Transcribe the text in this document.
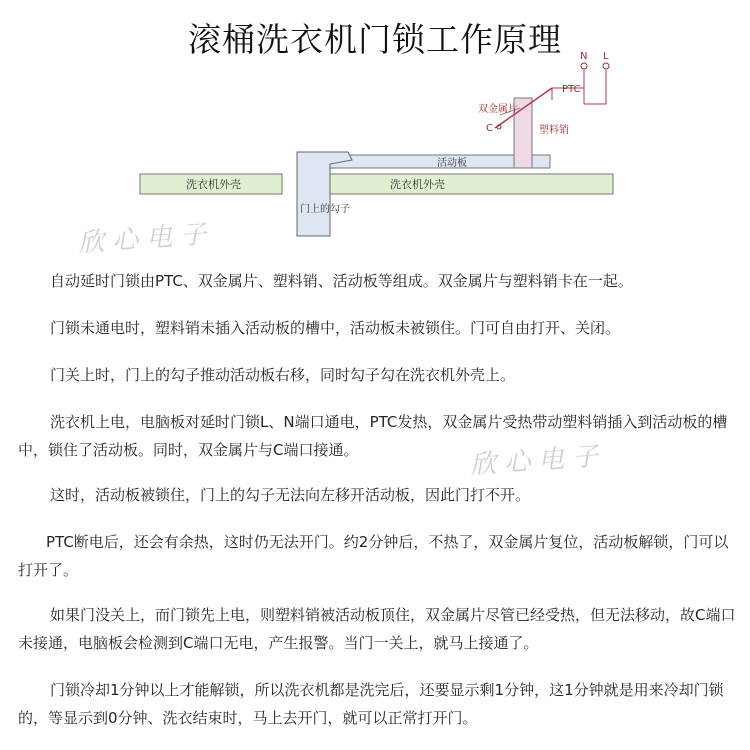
滚桶洗衣机门锁工作原理
洗衣机外壳	洗衣机外壳
活动板
门上的勾子
塑料销
双金属片
C
PTC
N L
欣心电子
欣心电子

自动延时门锁由PTC、双金属片、塑料销、活动板等组成。双金属片与塑料销卡在一起。

门锁未通电时，塑料销未插入活动板的槽中，活动板未被锁住。门可自由打开、关闭。

门关上时，门上的勾子推动活动板右移，同时勾子勾在洗衣机外壳上。

洗衣机上电，电脑板对延时门锁L、N端口通电，PTC发热，双金属片受热带动塑料销插入到活动板的槽中，锁住了活动板。同时，双金属片与C端口接通。

这时，活动板被锁住，门上的勾子无法向左移开活动板，因此门打不开。

PTC断电后，还会有余热，这时仍无法开门。约2分钟后，不热了，双金属片复位，活动板解锁，门可以打开了。

如果门没关上，而门锁先上电，则塑料销被活动板顶住，双金属片尽管已经受热，但无法移动，故C端口未接通，电脑板会检测到C端口无电，产生报警。当门一关上，就马上接通了。

门锁冷却1分钟以上才能解锁，所以洗衣机都是洗完后，还要显示剩1分钟，这1分钟就是用来冷却门锁的，等显示到0分钟、洗衣结束时，马上去开门，就可以正常打开门。
